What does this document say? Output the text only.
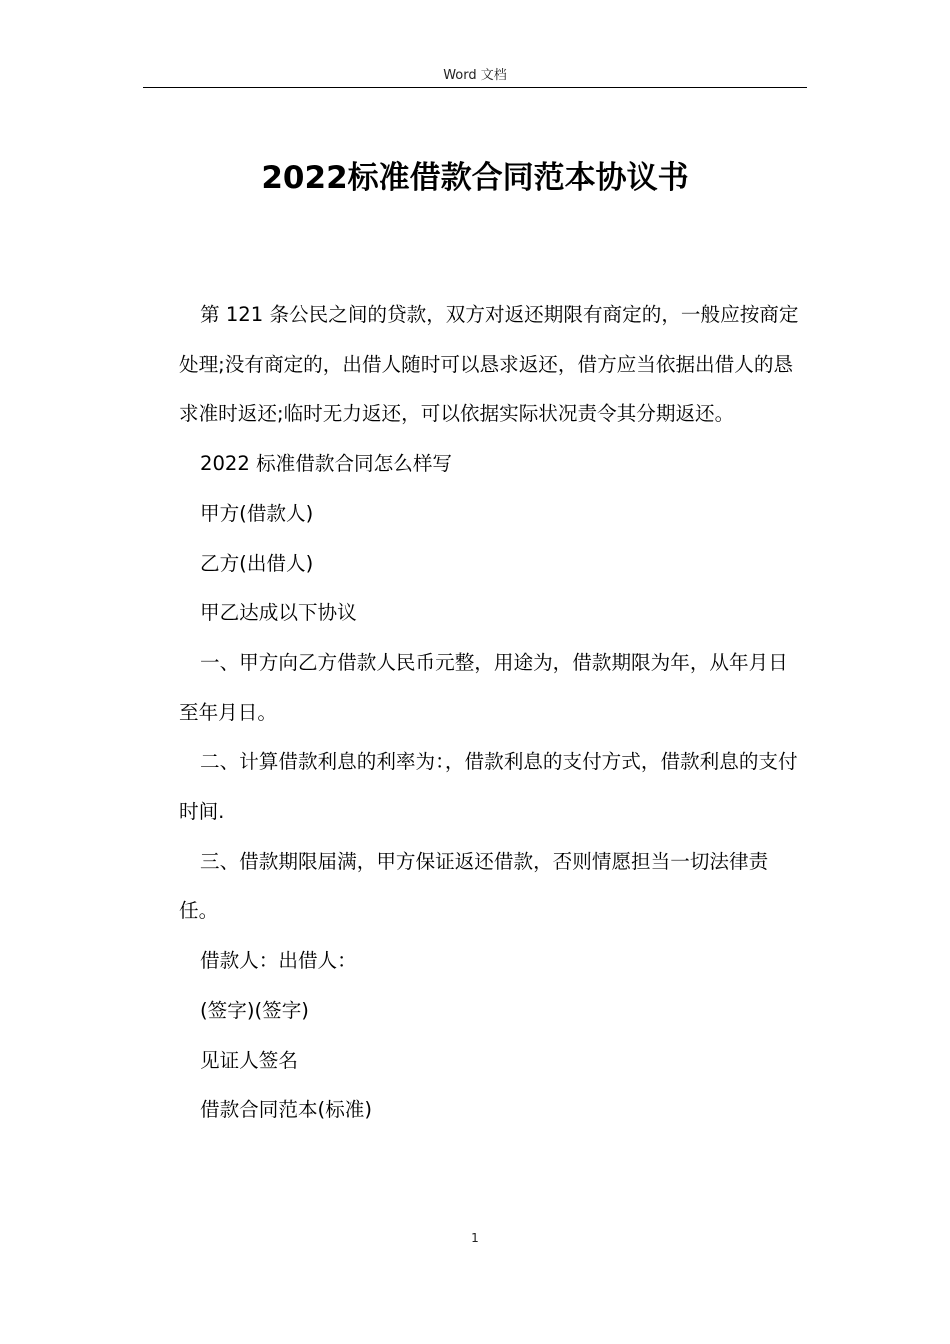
Word 文档
2022标准借款合同范本协议书

第 121 条公民之间的贷款，双方对返还期限有商定的，一般应按商定处理;没有商定的，出借人随时可以恳求返还，借方应当依据出借人的恳求准时返还;临时无力返还，可以依据实际状况责令其分期返还。

2022 标准借款合同怎么样写

甲方(借款人)

乙方(出借人)

甲乙达成以下协议

一、甲方向乙方借款人民币元整，用途为，借款期限为年，从年月日至年月日。

二、计算借款利息的利率为：，借款利息的支付方式，借款利息的支付时间.

三、借款期限届满，甲方保证返还借款，否则情愿担当一切法律责任。

借款人：出借人：

(签字)(签字)

见证人签名

借款合同范本(标准)

1
